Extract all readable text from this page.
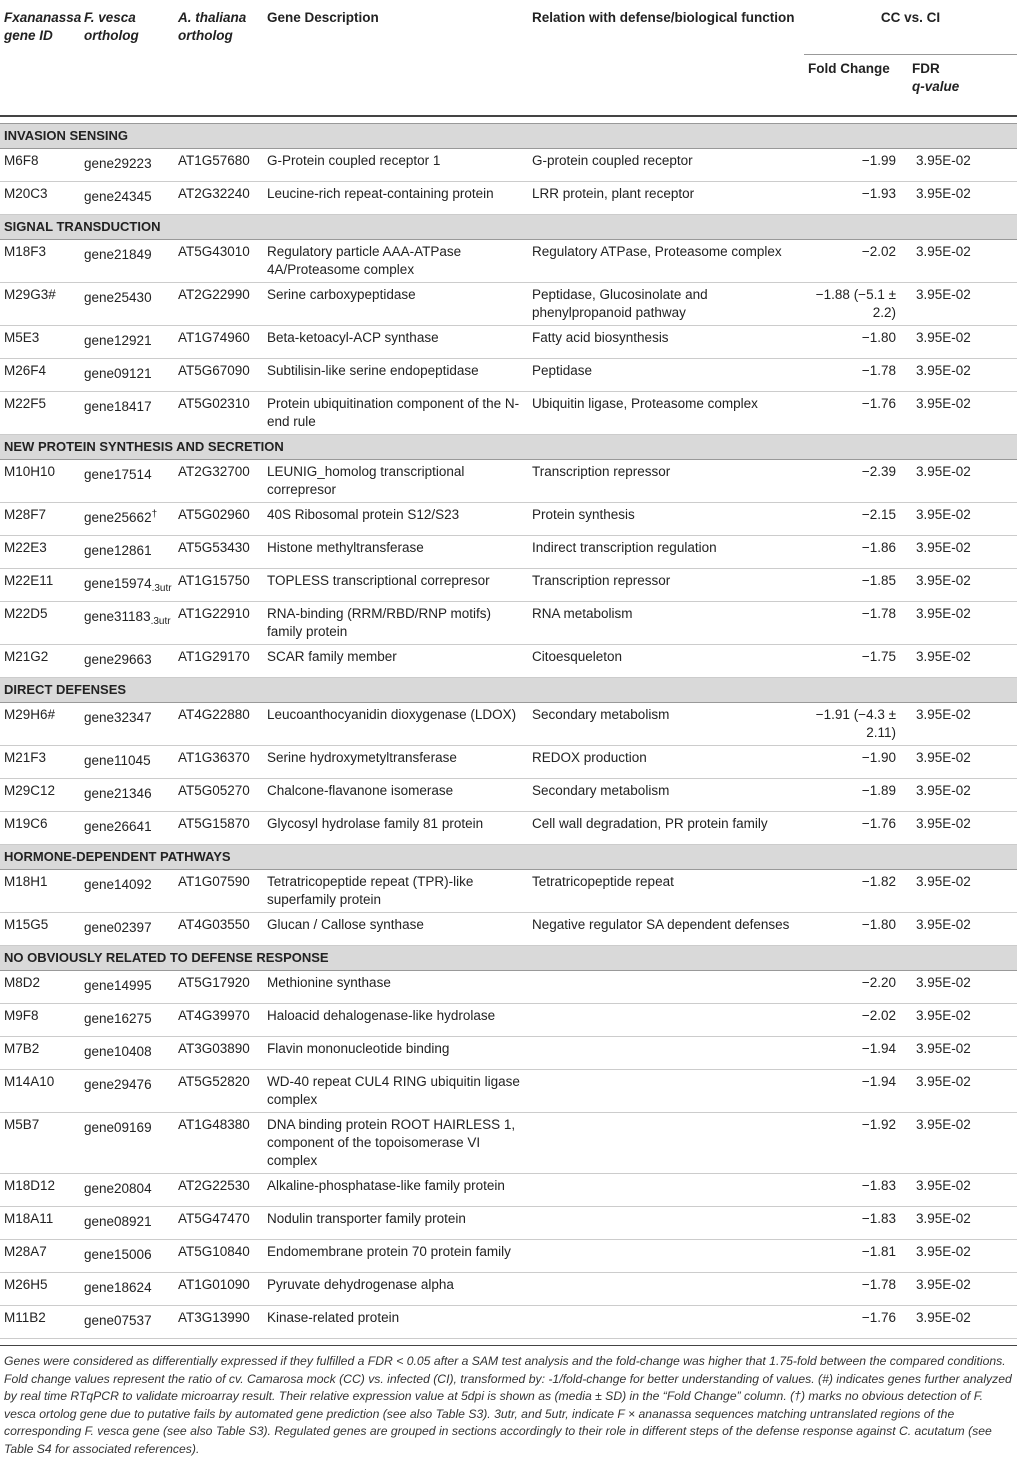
Fxananassa gene ID	F. vesca ortholog	A. thaliana ortholog	Gene Description	Relation with defense/biological function	CC vs. CI	
					Fold Change	FDR
q-value

INVASION SENSING						
M6F8	gene29223	AT1G57680	G-Protein coupled receptor 1	G-protein coupled receptor	−1.99	3.95E-02
M20C3	gene24345	AT2G32240	Leucine-rich repeat-containing protein	LRR protein, plant receptor	−1.93	3.95E-02
SIGNAL TRANSDUCTION						
M18F3	gene21849	AT5G43010	Regulatory particle AAA-ATPase 4A/Proteasome complex	Regulatory ATPase, Proteasome complex	−2.02	3.95E-02
M29G3#	gene25430	AT2G22990	Serine carboxypeptidase	Peptidase, Glucosinolate and phenylpropanoid pathway	−1.88 (−5.1 ± 2.2)	3.95E-02
M5E3	gene12921	AT1G74960	Beta-ketoacyl-ACP synthase	Fatty acid biosynthesis	−1.80	3.95E-02
M26F4	gene09121	AT5G67090	Subtilisin-like serine endopeptidase	Peptidase	−1.78	3.95E-02
M22F5	gene18417	AT5G02310	Protein ubiquitination component of the N-end rule	Ubiquitin ligase, Proteasome complex	−1.76	3.95E-02
NEW PROTEIN SYNTHESIS AND SECRETION						
M10H10	gene17514	AT2G32700	LEUNIG_homolog transcriptional correpresor	Transcription repressor	−2.39	3.95E-02
M28F7	gene25662†	AT5G02960	40S Ribosomal protein S12/S23	Protein synthesis	−2.15	3.95E-02
M22E3	gene12861	AT5G53430	Histone methyltransferase	Indirect transcription regulation	−1.86	3.95E-02
M22E11	$gene15974_{.3utr}$	AT1G15750	TOPLESS transcriptional correpresor	Transcription repressor	−1.85	3.95E-02
M22D5	$gene31183_{.3utr}$	AT1G22910	RNA-binding (RRM/RBD/RNP motifs) family protein	RNA metabolism	−1.78	3.95E-02
M21G2	gene29663	AT1G29170	SCAR family member	Citoesqueleton	−1.75	3.95E-02
DIRECT DEFENSES						
M29H6#	gene32347	AT4G22880	Leucoanthocyanidin dioxygenase (LDOX)	Secondary metabolism	−1.91 (−4.3 ± 2.11)	3.95E-02
M21F3	gene11045	AT1G36370	Serine hydroxymetyltransferase	REDOX production	−1.90	3.95E-02
M29C12	gene21346	AT5G05270	Chalcone-flavanone isomerase	Secondary metabolism	−1.89	3.95E-02
M19C6	gene26641	AT5G15870	Glycosyl hydrolase family 81 protein	Cell wall degradation, PR protein family	−1.76	3.95E-02
HORMONE-DEPENDENT PATHWAYS						
M18H1	gene14092	AT1G07590	Tetratricopeptide repeat (TPR)-like superfamily protein	Tetratricopeptide repeat	−1.82	3.95E-02
M15G5	gene02397	AT4G03550	Glucan / Callose synthase	Negative regulator SA dependent defenses	−1.80	3.95E-02
NO OBVIOUSLY RELATED TO DEFENSE RESPONSE						
M8D2	gene14995	AT5G17920	Methionine synthase		−2.20	3.95E-02
M9F8	gene16275	AT4G39970	Haloacid dehalogenase-like hydrolase		−2.02	3.95E-02
M7B2	gene10408	AT3G03890	Flavin mononucleotide binding		−1.94	3.95E-02
M14A10	gene29476	AT5G52820	WD-40 repeat CUL4 RING ubiquitin ligase complex		−1.94	3.95E-02
M5B7	gene09169	AT1G48380	DNA binding protein ROOT HAIRLESS 1, component of the topoisomerase VI complex		−1.92	3.95E-02
M18D12	gene20804	AT2G22530	Alkaline-phosphatase-like family protein		−1.83	3.95E-02
M18A11	gene08921	AT5G47470	Nodulin transporter family protein		−1.83	3.95E-02
M28A7	gene15006	AT5G10840	Endomembrane protein 70 protein family		−1.81	3.95E-02
M26H5	gene18624	AT1G01090	Pyruvate dehydrogenase alpha		−1.78	3.95E-02
M11B2	gene07537	AT3G13990	Kinase-related protein		−1.76	3.95E-02
Genes were considered as differentially expressed if they fulfilled a FDR < 0.05 after a SAM test analysis and the fold-change was higher that 1.75-fold between the compared conditions. Fold change values represent the ratio of cv. Camarosa mock (CC) vs. infected (CI), transformed by: -1/fold-change for better understanding of values. (#) indicates genes further analyzed by real time RTqPCR to validate microarray result. Their relative expression value at 5dpi is shown as (media ± SD) in the “Fold Change” column. (†) marks no obvious detection of F. vesca ortolog gene due to putative fails by automated gene prediction (see also Table S3). 3utr, and 5utr, indicate F × ananassa sequences matching untranslated regions of the corresponding F. vesca gene (see also Table S3). Regulated genes are grouped in sections accordingly to their role in different steps of the defense response against C. acutatum (see Table S4 for associated references).
